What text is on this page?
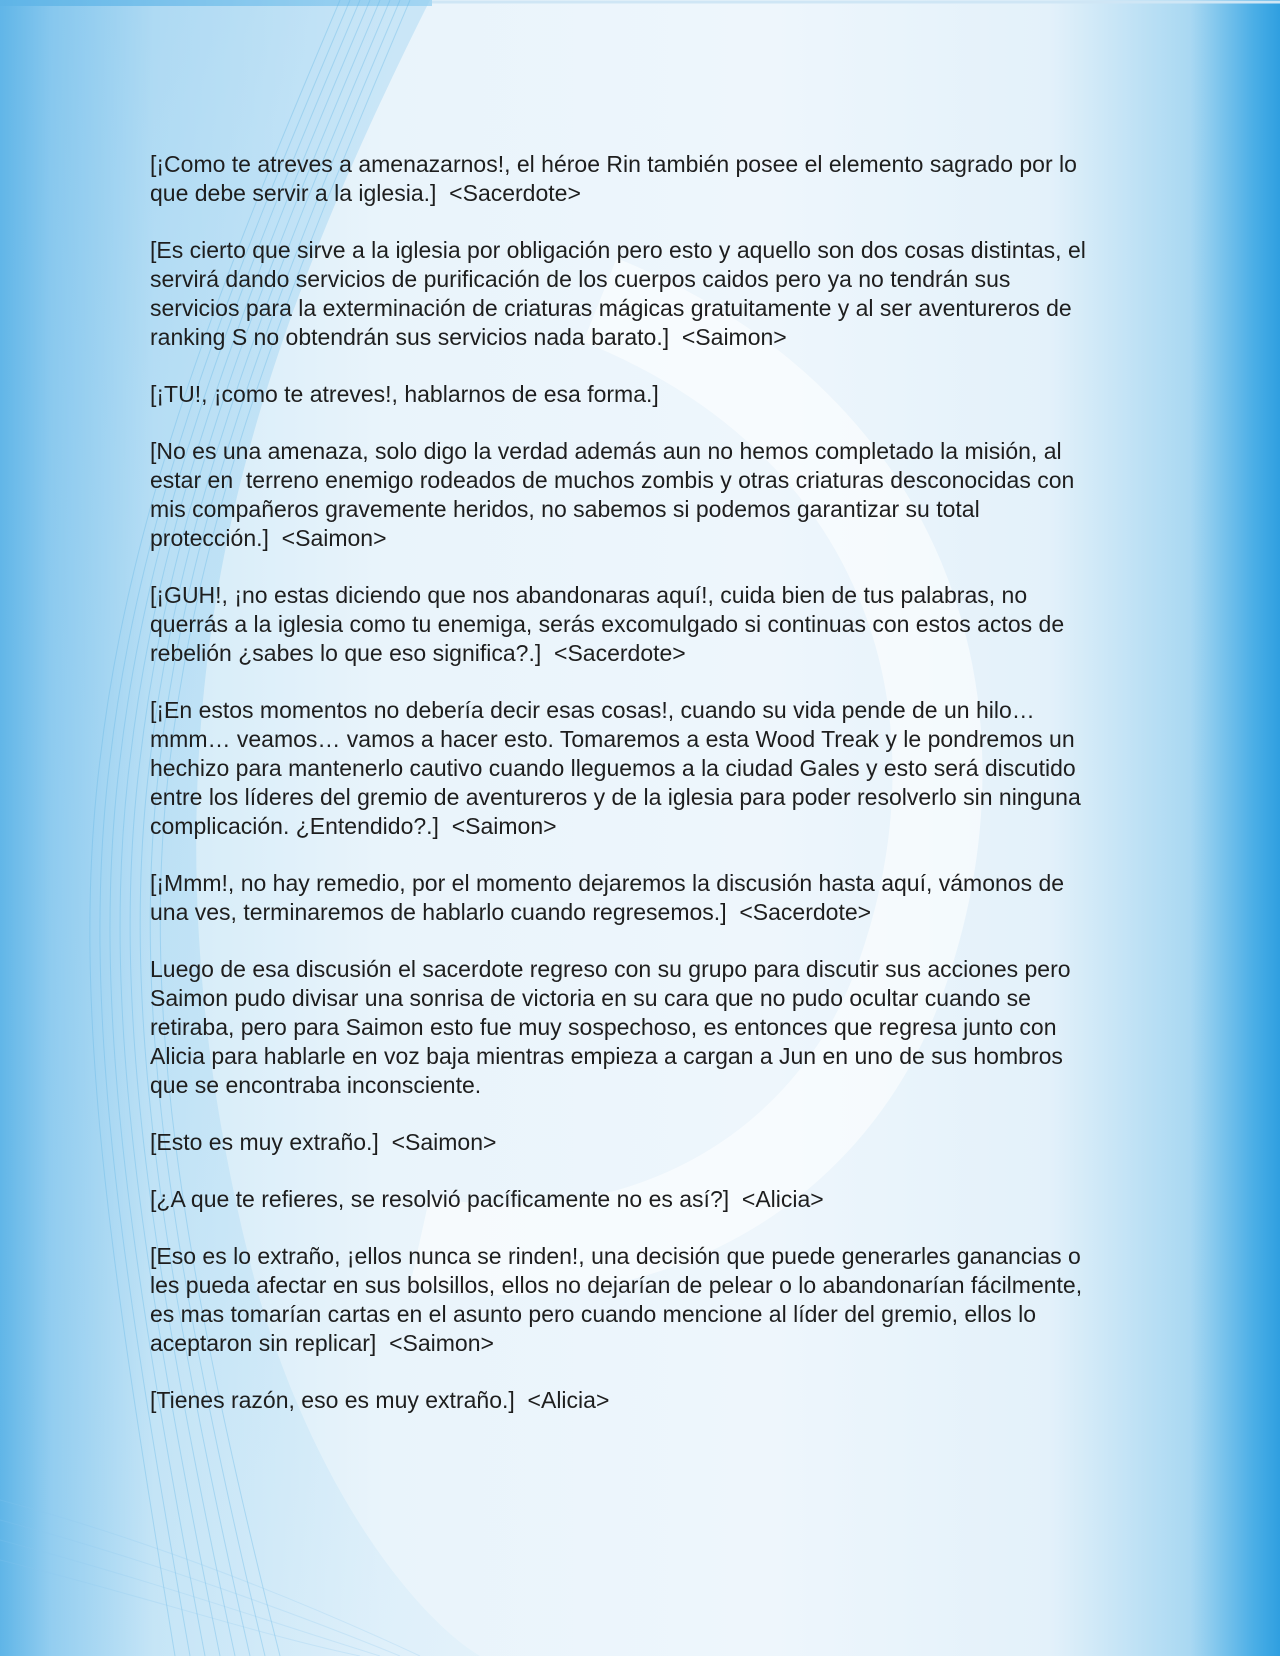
[¡Como te atreves a amenazarnos!, el héroe Rin también posee el elemento sagrado por lo que debe servir a la iglesia.]  <Sacerdote>

[Es cierto que sirve a la iglesia por obligación pero esto y aquello son dos cosas distintas, el servirá dando servicios de purificación de los cuerpos caidos pero ya no tendrán sus servicios para la exterminación de criaturas mágicas gratuitamente y al ser aventureros de ranking S no obtendrán sus servicios nada barato.]  <Saimon>

[¡TU!, ¡como te atreves!, hablarnos de esa forma.]

[No es una amenaza, solo digo la verdad además aun no hemos completado la misión, al estar en  terreno enemigo rodeados de muchos zombis y otras criaturas desconocidas con mis compañeros gravemente heridos, no sabemos si podemos garantizar su total protección.]  <Saimon>

[¡GUH!, ¡no estas diciendo que nos abandonaras aquí!, cuida bien de tus palabras, no querrás a la iglesia como tu enemiga, serás excomulgado si continuas con estos actos de rebelión ¿sabes lo que eso significa?.]  <Sacerdote>

[¡En estos momentos no debería decir esas cosas!, cuando su vida pende de un hilo… mmm… veamos… vamos a hacer esto. Tomaremos a esta Wood Treak y le pondremos un hechizo para mantenerlo cautivo cuando lleguemos a la ciudad Gales y esto será discutido entre los líderes del gremio de aventureros y de la iglesia para poder resolverlo sin ninguna complicación. ¿Entendido?.]  <Saimon>

[¡Mmm!, no hay remedio, por el momento dejaremos la discusión hasta aquí, vámonos de una ves, terminaremos de hablarlo cuando regresemos.]  <Sacerdote>

Luego de esa discusión el sacerdote regreso con su grupo para discutir sus acciones pero Saimon pudo divisar una sonrisa de victoria en su cara que no pudo ocultar cuando se retiraba, pero para Saimon esto fue muy sospechoso, es entonces que regresa junto con Alicia para hablarle en voz baja mientras empieza a cargan a Jun en uno de sus hombros que se encontraba inconsciente.

[Esto es muy extraño.]  <Saimon>

[¿A que te refieres, se resolvió pacíficamente no es así?]  <Alicia>

[Eso es lo extraño, ¡ellos nunca se rinden!, una decisión que puede generarles ganancias o les pueda afectar en sus bolsillos, ellos no dejarían de pelear o lo abandonarían fácilmente, es mas tomarían cartas en el asunto pero cuando mencione al líder del gremio, ellos lo aceptaron sin replicar]  <Saimon>

[Tienes razón, eso es muy extraño.]  <Alicia>
